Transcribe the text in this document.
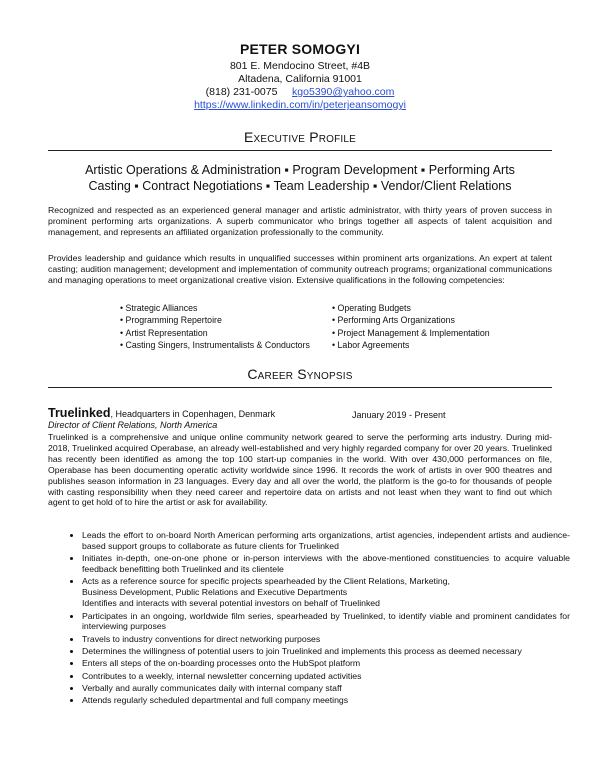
PETER SOMOGYI
801 E. Mendocino Street, #4B
Altadena, California 91001
(818) 231-0075 kgo5390@yahoo.com
https://www.linkedin.com/in/peterjeansomogyi
Executive Profile
Artistic Operations & Administration ▪ Program Development ▪ Performing Arts
Casting ▪ Contract Negotiations ▪ Team Leadership ▪ Vendor/Client Relations
Recognized and respected as an experienced general manager and artistic administrator, with thirty years of proven success in prominent performing arts organizations. A superb communicator who brings together all aspects of talent acquisition and management, and represents an affiliated organization professionally to the community.
Provides leadership and guidance which results in unqualified successes within prominent arts organizations. An expert at talent casting; audition management; development and implementation of community outreach programs; organizational communications and managing operations to meet organizational creative vision. Extensive qualifications in the following competencies:
• Strategic Alliances
• Programming Repertoire
• Artist Representation
• Casting Singers, Instrumentalists & Conductors
• Operating Budgets
• Performing Arts Organizations
• Project Management & Implementation
• Labor Agreements
Career Synopsis
Truelinked, Headquarters in Copenhagen, Denmark	January 2019 - Present
Director of Client Relations, North America
Truelinked is a comprehensive and unique online community network geared to serve the performing arts industry. During mid-2018, Truelinked acquired Operabase, an already well-established and very highly regarded company for over 20 years. Truelinked has recently been identified as among the top 100 start-up companies in the world. With over 430,000 performances on file, Operabase has been documenting operatic activity worldwide since 1996. It records the work of artists in over 900 theatres and publishes season information in 23 languages. Every day and all over the world, the platform is the go-to for thousands of people with casting responsibility when they need career and repertoire data on artists and not least when they want to find out which agent to get hold of to hire the artist or ask for availability.
• Leads the effort to on-board North American performing arts organizations, artist agencies, independent artists and audience-based support groups to collaborate as future clients for Truelinked
• Initiates in-depth, one-on-one phone or in-person interviews with the above-mentioned constituencies to acquire valuable feedback benefitting both Truelinked and its clientele
• Acts as a reference source for specific projects spearheaded by the Client Relations, Marketing,
Business Development, Public Relations and Executive Departments
Identifies and interacts with several potential investors on behalf of Truelinked
• Participates in an ongoing, worldwide film series, spearheaded by Truelinked, to identify viable and prominent candidates for interviewing purposes
• Travels to industry conventions for direct networking purposes
• Determines the willingness of potential users to join Truelinked and implements this process as deemed necessary
• Enters all steps of the on-boarding processes onto the HubSpot platform
• Contributes to a weekly, internal newsletter concerning updated activities
• Verbally and aurally communicates daily with internal company staff
• Attends regularly scheduled departmental and full company meetings
